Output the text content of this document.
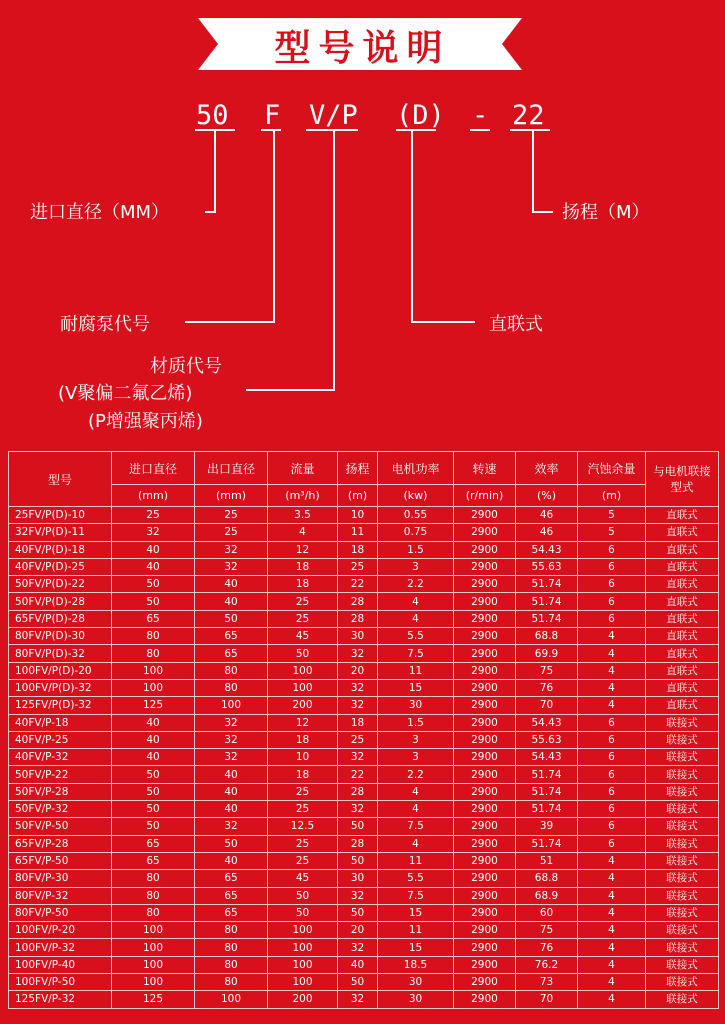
型号说明
50 F V/P (D) - 22
进口直径（MM）
耐腐泵代号
材质代号
(V聚偏二氟乙烯)
(P增强聚丙烯)
直联式
扬程（M）
型号	进口直径	出口直径	流量	扬程	电机功率	转速	效率	汽蚀余量	与电机联接型式
	(mm)	(mm)	(m³/h)	(m)	(kw)	(r/min)	(%)	(m)	
25FV/P(D)-10	25	25	3.5	10	0.55	2900	46	5	直联式
32FV/P(D)-11	32	25	4	11	0.75	2900	46	5	直联式
40FV/P(D)-18	40	32	12	18	1.5	2900	54.43	6	直联式
40FV/P(D)-25	40	32	18	25	3	2900	55.63	6	直联式
50FV/P(D)-22	50	40	18	22	2.2	2900	51.74	6	直联式
50FV/P(D)-28	50	40	25	28	4	2900	51.74	6	直联式
65FV/P(D)-28	65	50	25	28	4	2900	51.74	6	直联式
80FV/P(D)-30	80	65	45	30	5.5	2900	68.8	4	直联式
80FV/P(D)-32	80	65	50	32	7.5	2900	69.9	4	直联式
100FV/P(D)-20	100	80	100	20	11	2900	75	4	直联式
100FV/P(D)-32	100	80	100	32	15	2900	76	4	直联式
125FV/P(D)-32	125	100	200	32	30	2900	70	4	直联式
40FV/P-18	40	32	12	18	1.5	2900	54.43	6	联接式
40FV/P-25	40	32	18	25	3	2900	55.63	6	联接式
40FV/P-32	40	32	10	32	3	2900	54.43	6	联接式
50FV/P-22	50	40	18	22	2.2	2900	51.74	6	联接式
50FV/P-28	50	40	25	28	4	2900	51.74	6	联接式
50FV/P-32	50	40	25	32	4	2900	51.74	6	联接式
50FV/P-50	50	32	12.5	50	7.5	2900	39	6	联接式
65FV/P-28	65	50	25	28	4	2900	51.74	6	联接式
65FV/P-50	65	40	25	50	11	2900	51	4	联接式
80FV/P-30	80	65	45	30	5.5	2900	68.8	4	联接式
80FV/P-32	80	65	50	32	7.5	2900	68.9	4	联接式
80FV/P-50	80	65	50	50	15	2900	60	4	联接式
100FV/P-20	100	80	100	20	11	2900	75	4	联接式
100FV/P-32	100	80	100	32	15	2900	76	4	联接式
100FV/P-40	100	80	100	40	18.5	2900	76.2	4	联接式
100FV/P-50	100	80	100	50	30	2900	73	4	联接式
125FV/P-32	125	100	200	32	30	2900	70	4	联接式
